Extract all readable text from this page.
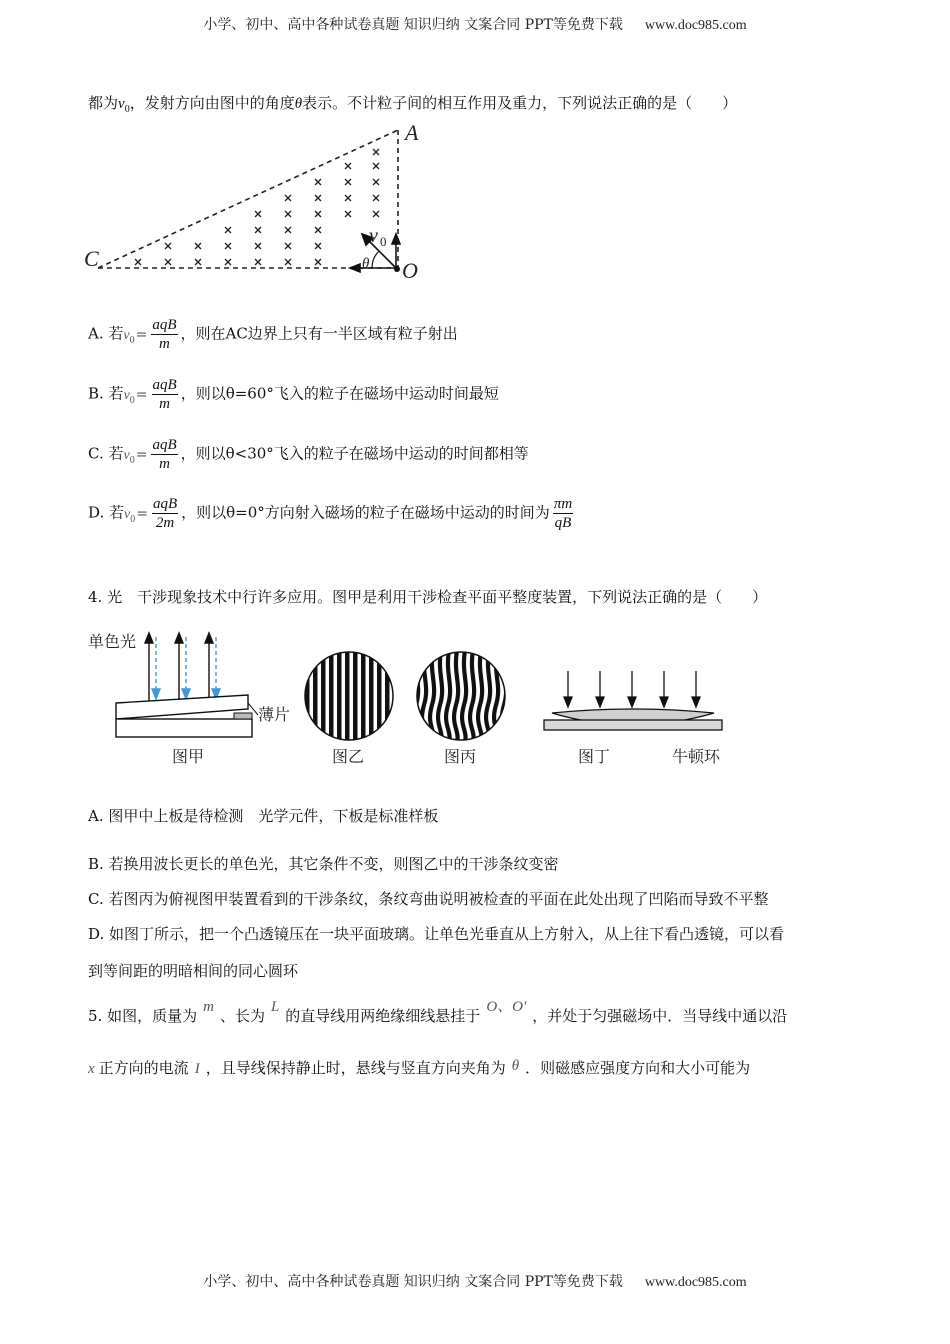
小学、初中、高中各种试卷真题 知识归纳 文案合同 PPT等免费下载 www.doc985.com
都为$v_0$，发射方向由图中的角度θ表示。不计粒子间的相互作用及重力，下列说法正确的是（　　）
A
C	O
v 0
θ
A. 若$v_0= \frac{\text{aqB}}{m}$ ，则在AC边界上只有一半区域有粒子射出
B. 若$v_0= \frac{\text{aqB}}{m}$ ，则以θ=60°飞入的粒子在磁场中运动时间最短
C. 若$v_0= \frac{\text{aqB}}{m}$ ，则以θ<30°飞入的粒子在磁场中运动的时间都相等
D. 若$v_0= \frac{\text{aqB}}{2m}$ ，则以θ=0°方向射入磁场的粒子在磁场中运动的时间为 $\frac{\pi m}{qB}$
4. 光　干涉现象技术中行许多应用。图甲是利用干涉检查平面平整度装置，下列说法正确的是（　　）
单色光
薄片
图甲	图乙	图丙	图丁	牛顿环
A. 图甲中上板是待检测　光学元件，下板是标准样板
B. 若换用波长更长的单色光，其它条件不变，则图乙中的干涉条纹变密
C. 若图丙为俯视图甲装置看到的干涉条纹，条纹弯曲说明被检查的平面在此处出现了凹陷而导致不平整
D. 如图丁所示，把一个凸透镜压在一块平面玻璃。让单色光垂直从上方射入，从上往下看凸透镜，可以看
到等间距的明暗相间的同心圆环
5. 如图，质量为 m 、长为 L 的直导线用两绝缘细线悬挂于 O、O' ，并处于匀强磁场中．当导线中通以沿
x 正方向的电流 I ，且导线保持静止时，悬线与竖直方向夹角为 θ ．则磁感应强度方向和大小可能为
小学、初中、高中各种试卷真题 知识归纳 文案合同 PPT等免费下载 www.doc985.com
